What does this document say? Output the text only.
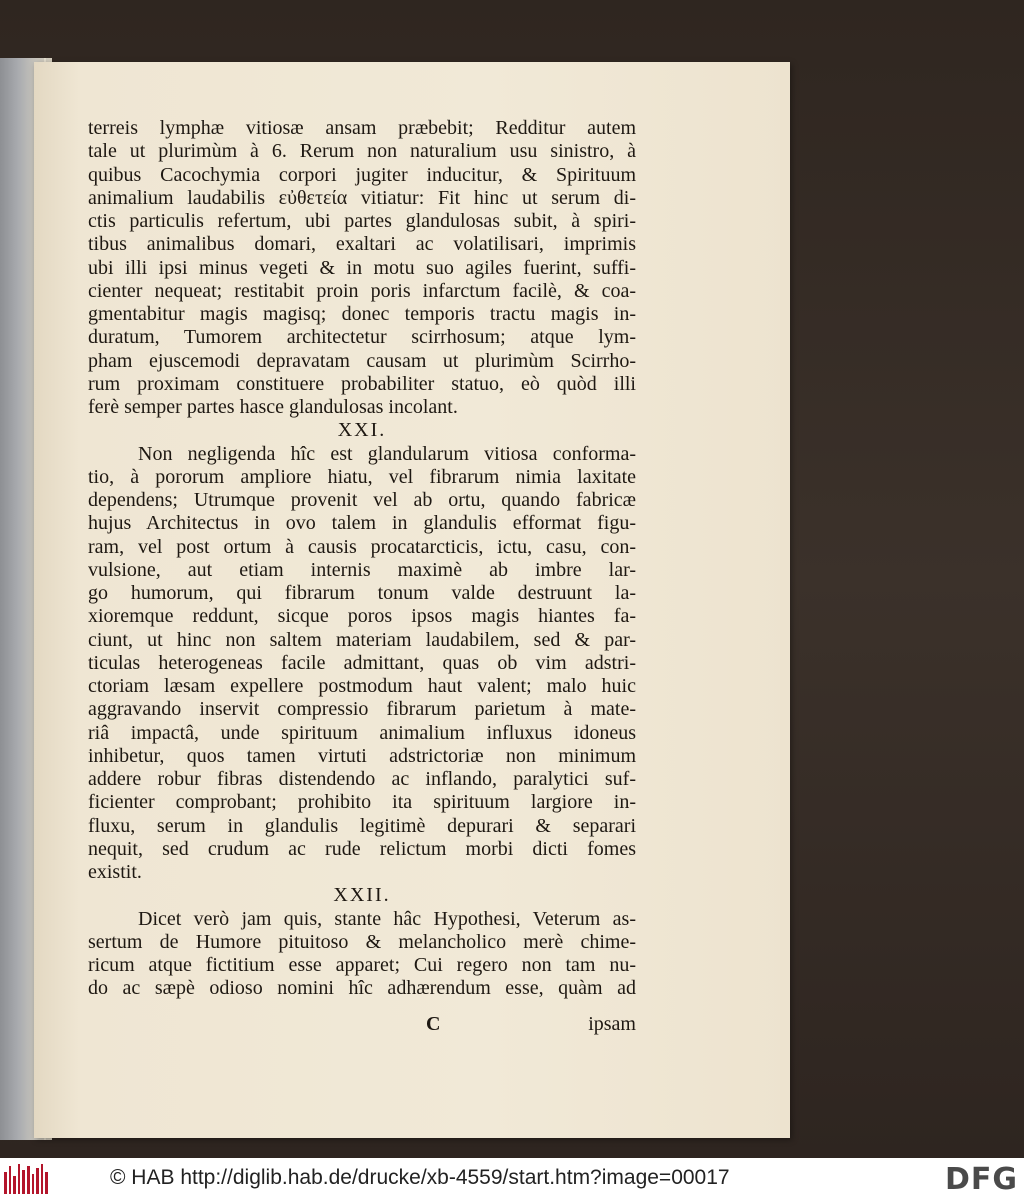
terreis lymphæ vitiosæ ansam præbebit; Redditur autem
tale ut plurimùm à 6. Rerum non naturalium usu sinistro, à
quibus Cacochymia corpori jugiter inducitur, & Spirituum
animalium laudabilis εὐθετεία vitiatur: Fit hinc ut serum di-
ctis particulis refertum, ubi partes glandulosas subit, à spiri-
tibus animalibus domari, exaltari ac volatilisari, imprimis
ubi illi ipsi minus vegeti & in motu suo agiles fuerint, suffi-
cienter nequeat; restitabit proin poris infarctum facilè, & coa-
gmentabitur magis magisq; donec temporis tractu magis in-
duratum, Tumorem architectetur scirrhosum; atque lym-
pham ejuscemodi depravatam causam ut plurimùm Scirrho-
rum proximam constituere probabiliter statuo, eò quòd illi
ferè semper partes hasce glandulosas incolant.
XXI.
Non negligenda hîc est glandularum vitiosa conforma-
tio, à pororum ampliore hiatu, vel fibrarum nimia laxitate
dependens; Utrumque provenit vel ab ortu, quando fabricæ
hujus Architectus in ovo talem in glandulis efformat figu-
ram, vel post ortum à causis procatarcticis, ictu, casu, con-
vulsione, aut etiam internis maximè ab imbre lar-
go humorum, qui fibrarum tonum valde destruunt la-
xioremque reddunt, sicque poros ipsos magis hiantes fa-
ciunt, ut hinc non saltem materiam laudabilem, sed & par-
ticulas heterogeneas facile admittant, quas ob vim adstri-
ctoriam læsam expellere postmodum haut valent; malo huic
aggravando inservit compressio fibrarum parietum à mate-
riâ impactâ, unde spirituum animalium influxus idoneus
inhibetur, quos tamen virtuti adstrictoriæ non minimum
addere robur fibras distendendo ac inflando, paralytici suf-
ficienter comprobant; prohibito ita spirituum largiore in-
fluxu, serum in glandulis legitimè depurari & separari
nequit, sed crudum ac rude relictum morbi dicti fomes
existit.
XXII.
Dicet verò jam quis, stante hâc Hypothesi, Veterum as-
sertum de Humore pituitoso & melancholico merè chime-
ricum atque fictitium esse apparet; Cui regero non tam nu-
do ac sæpè odioso nomini hîc adhærendum esse, quàm ad
C	ipsam
© HAB http://diglib.hab.de/drucke/xb-4559/start.htm?image=00017	DFG
